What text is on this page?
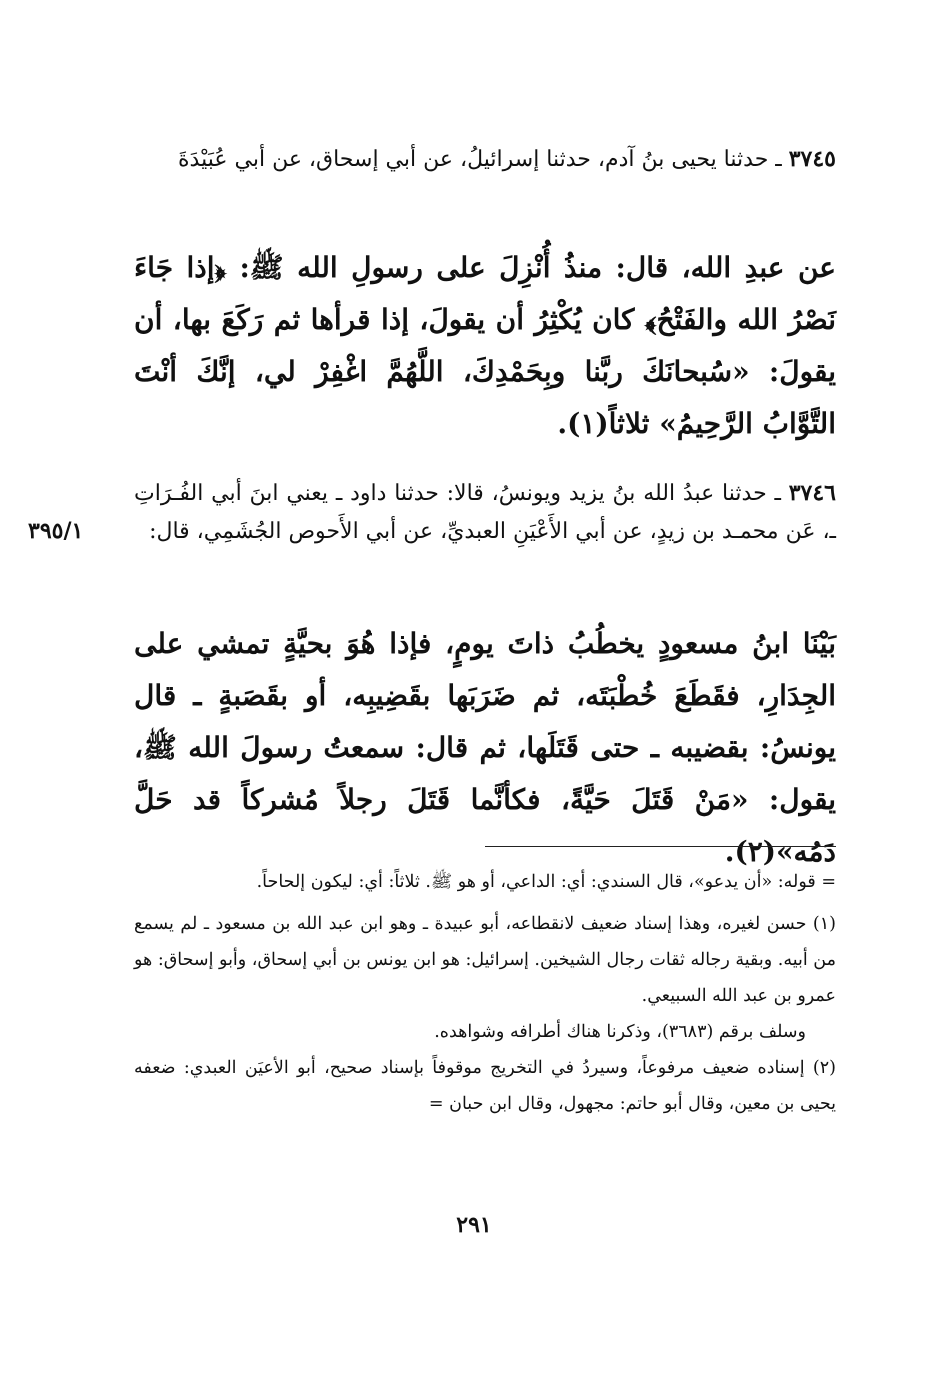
٣٧٤٥ ـ حدثنا يحيى بنُ آدم، حدثنا إسرائيلُ، عن أبي إسحاق، عن أبي عُبَيْدَةَ

عن عبدِ الله، قال: منذُ أُنْزِلَ على رسولِ الله ﷺ: ﴿إذا جَاءَ نَصْرُ الله والفَتْحُ﴾ كان يُكْثِرُ أن يقولَ، إذا قرأها ثم رَكَعَ بها، أن يقولَ: «سُبحانَكَ ربَّنا وبِحَمْدِكَ، اللَّهُمَّ اغْفِرْ لي، إنَّكَ أنْتَ التَّوَّابُ الرَّحِيمُ» ثلاثاً(١).

٣٧٤٦ ـ حدثنا عبدُ الله بنُ يزيد ويونسُ، قالا: حدثنا داود ـ يعني ابنَ أبي الفُـرَاتِ ـ، عَن محمـد بن زيدٍ، عن أبي الأَعْيَنِ العبديِّ، عن أبي الأَحوص الجُشَمِي، قال:
٣٩٥/١

بَيْنَا ابنُ مسعودٍ يخطُبُ ذاتَ يومٍ، فإذا هُوَ بحيَّةٍ تمشي على الجِدَارِ، فقَطَعَ خُطْبَتَه، ثم ضَرَبَها بقَضِيبِه، أو بقَصَبةٍ ـ قال يونسُ: بقضيبه ـ حتى قَتَلَها، ثم قال: سمعتُ رسولَ الله ﷺ، يقول: «مَنْ قَتَلَ حَيَّةً، فكأنَّما قَتَلَ رجلاً مُشركاً قد حَلَّ دَمُه»(٢).

= قوله: «أن يدعو»، قال السندي: أي: الداعي، أو هو ﷺ. ثلاثاً: أي: ليكون إلحاحاً.

(١) حسن لغيره، وهذا إسناد ضعيف لانقطاعه، أبو عبيدة ـ وهو ابن عبد الله بن مسعود ـ لم يسمع من أبيه. وبقية رجاله ثقات رجال الشيخين. إسرائيل: هو ابن يونس بن أبي إسحاق، وأبو إسحاق: هو عمرو بن عبد الله السبيعي.

وسلف برقم (٣٦٨٣)، وذكرنا هناك أطرافه وشواهده.

(٢) إسناده ضعيف مرفوعاً، وسيردُ في التخريج موقوفاً بإسناد صحيح، أبو الأعيَن العبدي: ضعفه يحيى بن معين، وقال أبو حاتم: مجهول، وقال ابن حبان =

٢٩١
